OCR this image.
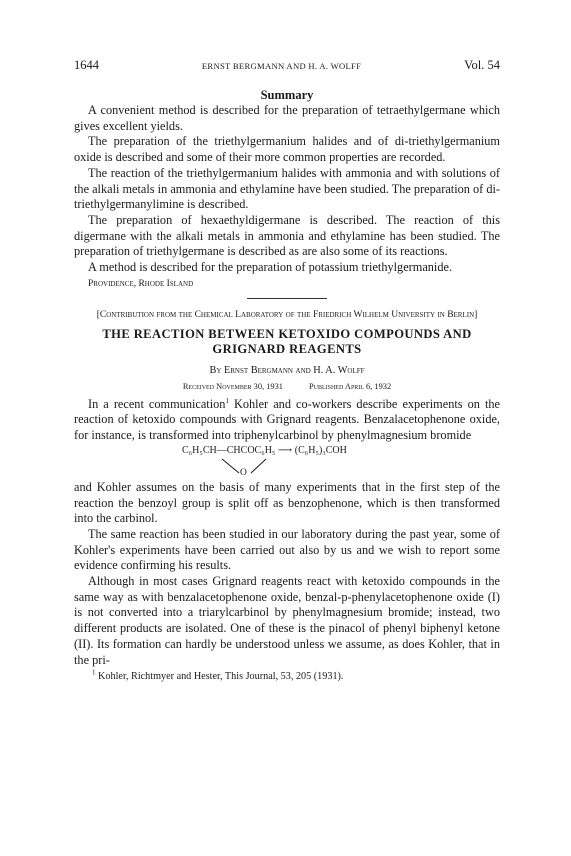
1644	ERNST BERGMANN AND H. A. WOLFF	Vol. 54
Summary

A convenient method is described for the preparation of tetraethylgermane which gives excellent yields.

The preparation of the triethylgermanium halides and of di-triethylgermanium oxide is described and some of their more common properties are recorded.

The reaction of the triethylgermanium halides with ammonia and with solutions of the alkali metals in ammonia and ethylamine have been studied. The preparation of di-triethylgermanylimine is described.

The preparation of hexaethyldigermane is described. The reaction of this digermane with the alkali metals in ammonia and ethylamine has been studied. The preparation of triethylgermane is described as are also some of its reactions.

A method is described for the preparation of potassium triethylgermanide.

Providence, Rhode Island

[Contribution from the Chemical Laboratory of the Friedrich Wilhelm University in Berlin]
THE REACTION BETWEEN KETOXIDO COMPOUNDS AND GRIGNARD REAGENTS
By Ernst Bergmann and H. A. Wolff
Received November 30, 1931	Published April 6, 1932

In a recent communication$^1$ Kohler and co-workers describe experiments on the reaction of ketoxido compounds with Grignard reagents. Benzalacetophenone oxide, for instance, is transformed into triphenylcarbinol by phenylmagnesium bromide

C₆H₅CH—CHCOC₆H₅ ⟶ (C₆H₅)₃COH
O

and Kohler assumes on the basis of many experiments that in the first step of the reaction the benzoyl group is split off as benzophenone, which is then transformed into the carbinol.

The same reaction has been studied in our laboratory during the past year, some of Kohler's experiments have been carried out also by us and we wish to report some evidence confirming his results.

Although in most cases Grignard reagents react with ketoxido compounds in the same way as with benzalacetophenone oxide, benzal-p-phenylacetophenone oxide (I) is not converted into a triarylcarbinol by phenylmagnesium bromide; instead, two different products are isolated. One of these is the pinacol of phenyl biphenyl ketone (II). Its formation can hardly be understood unless we assume, as does Kohler, that in the pri-

$^1$ Kohler, Richtmyer and Hester, This Journal, 53, 205 (1931).
